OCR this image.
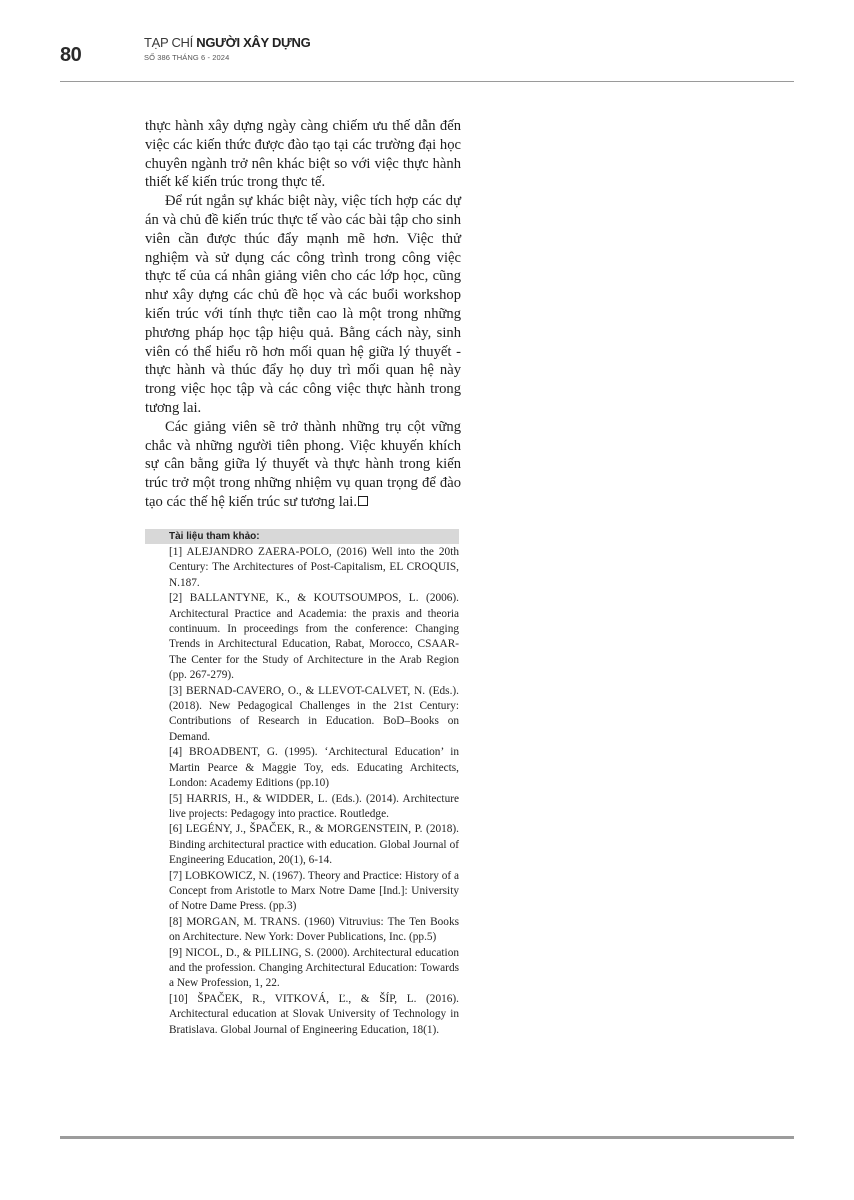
80
TẠP CHÍ NGƯỜI XÂY DỰNG
SỐ 386 THÁNG 6 - 2024

thực hành xây dựng ngày càng chiếm ưu thế dẫn đến việc các kiến thức được đào tạo tại các trường đại học chuyên ngành trở nên khác biệt so với việc thực hành thiết kế kiến trúc trong thực tế.

Để rút ngắn sự khác biệt này, việc tích hợp các dự án và chủ đề kiến trúc thực tế vào các bài tập cho sinh viên cần được thúc đẩy mạnh mẽ hơn. Việc thử nghiệm và sử dụng các công trình trong công việc thực tế của cá nhân giảng viên cho các lớp học, cũng như xây dựng các chủ đề học và các buổi workshop kiến trúc với tính thực tiễn cao là một trong những phương pháp học tập hiệu quả. Bằng cách này, sinh viên có thể hiểu rõ hơn mối quan hệ giữa lý thuyết - thực hành và thúc đẩy họ duy trì mối quan hệ này trong việc học tập và các công việc thực hành trong tương lai.

Các giảng viên sẽ trở thành những trụ cột vững chắc và những người tiên phong. Việc khuyến khích sự cân bằng giữa lý thuyết và thực hành trong kiến trúc trở một trong những nhiệm vụ quan trọng để đào tạo các thế hệ kiến trúc sư tương lai.

Tài liệu tham khảo:

[1] ALEJANDRO ZAERA-POLO, (2016) Well into the 20th Century: The Architectures of Post-Capitalism, EL CROQUIS, N.187.

[2] BALLANTYNE, K., & KOUTSOUMPOS, L. (2006). Architectural Practice and Academia: the praxis and theoria continuum. In proceedings from the conference: Changing Trends in Architectural Education, Rabat, Morocco, CSAAR-The Center for the Study of Architecture in the Arab Region (pp. 267-279).

[3] BERNAD-CAVERO, O., & LLEVOT-CALVET, N. (Eds.). (2018). New Pedagogical Challenges in the 21st Century: Contributions of Research in Education. BoD–Books on Demand.

[4] BROADBENT, G. (1995). ‘Architectural Education’ in Martin Pearce & Maggie Toy, eds. Educating Architects, London: Academy Editions (pp.10)

[5] HARRIS, H., & WIDDER, L. (Eds.). (2014). Architecture live projects: Pedagogy into practice. Routledge.

[6] LEGÉNY, J., ŠPAČEK, R., & MORGENSTEIN, P. (2018). Binding architectural practice with education. Global Journal of Engineering Education, 20(1), 6-14.

[7] LOBKOWICZ, N. (1967). Theory and Practice: History of a Concept from Aristotle to Marx Notre Dame [Ind.]: University of Notre Dame Press. (pp.3)

[8] MORGAN, M. TRANS. (1960) Vitruvius: The Ten Books on Architecture. New York: Dover Publications, Inc. (pp.5)

[9] NICOL, D., & PILLING, S. (2000). Architectural education and the profession. Changing Architectural Education: Towards a New Profession, 1, 22.

[10] ŠPAČEK, R., VITKOVÁ, Ľ., & ŠÍP, L. (2016). Architectural education at Slovak University of Technology in Bratislava. Global Journal of Engineering Education, 18(1).
